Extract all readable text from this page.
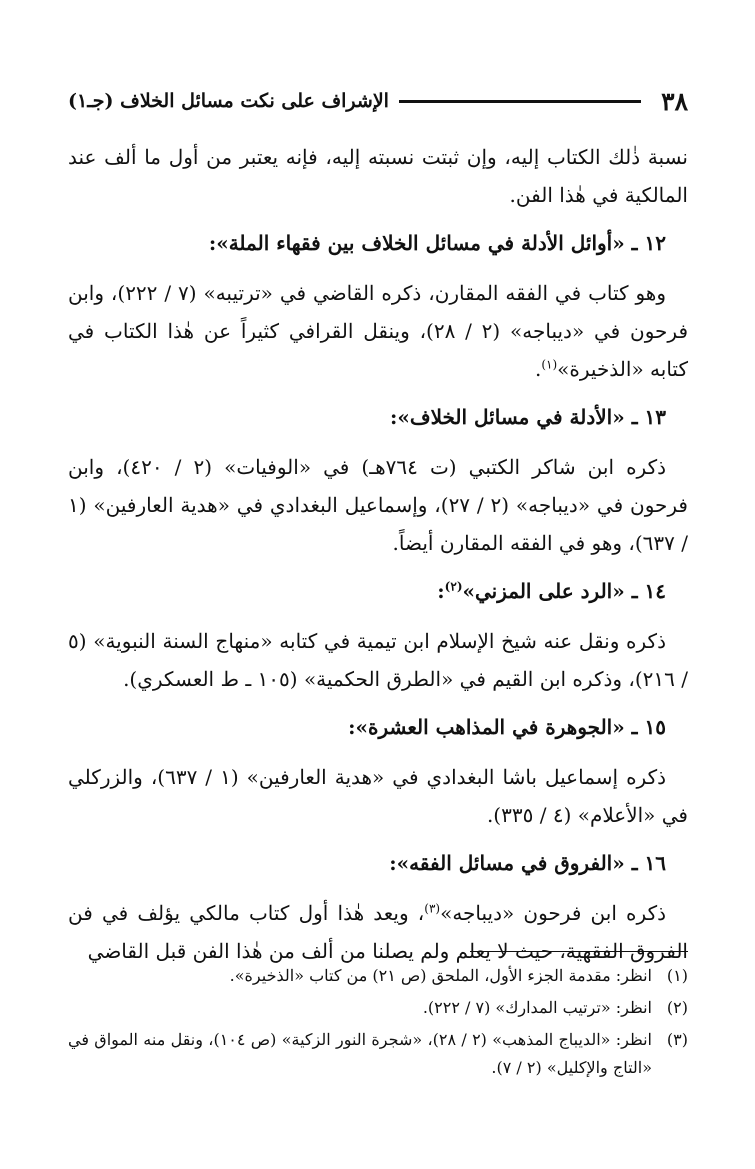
٣٨
الإشراف على نكت مسائل الخلاف (جـ١)

نسبة ذٰلك الكتاب إليه، وإن ثبتت نسبته إليه، فإنه يعتبر من أول ما ألف عند المالكية في هٰذا الفن.

١٢ ـ «أوائل الأدلة في مسائل الخلاف بين فقهاء الملة»:

وهو كتاب في الفقه المقارن، ذكره القاضي في «ترتيبه» (٧ / ٢٢٢)، وابن فرحون في «ديباجه» (٢ / ٢٨)، وينقل القرافي كثيراً عن هٰذا الكتاب في كتابه «الذخيرة»$^{(١)}$.

١٣ ـ «الأدلة في مسائل الخلاف»:

ذكره ابن شاكر الكتبي (ت ٧٦٤هـ) في «الوفيات» (٢ / ٤٢٠)، وابن فرحون في «ديباجه» (٢ / ٢٧)، وإسماعيل البغدادي في «هدية العارفين» (١ / ٦٣٧)، وهو في الفقه المقارن أيضاً.

١٤ ـ «الرد على المزني»$^{(٢)}$:

ذكره ونقل عنه شيخ الإسلام ابن تيمية في كتابه «منهاج السنة النبوية» (٥ / ٢١٦)، وذكره ابن القيم في «الطرق الحكمية» (١٠٥ ـ ط العسكري).

١٥ ـ «الجوهرة في المذاهب العشرة»:

ذكره إسماعيل باشا البغدادي في «هدية العارفين» (١ / ٦٣٧)، والزركلي في «الأعلام» (٤ / ٣٣٥).

١٦ ـ «الفروق في مسائل الفقه»:

ذكره ابن فرحون «ديباجه»$^{(٣)}$، ويعد هٰذا أول كتاب مالكي يؤلف في فن الفروق الفقهية، حيث لا يعلم ولم يصلنا من ألف من هٰذا الفن قبل القاضي

(١)
انظر: مقدمة الجزء الأول، الملحق (ص ٢١) من كتاب «الذخيرة».
(٢)
انظر: «ترتيب المدارك» (٧ / ٢٢٢).
(٣)
انظر: «الديباج المذهب» (٢ / ٢٨)، «شجرة النور الزكية» (ص ١٠٤)، ونقل منه المواق في «التاج والإكليل» (٢ / ٧).
